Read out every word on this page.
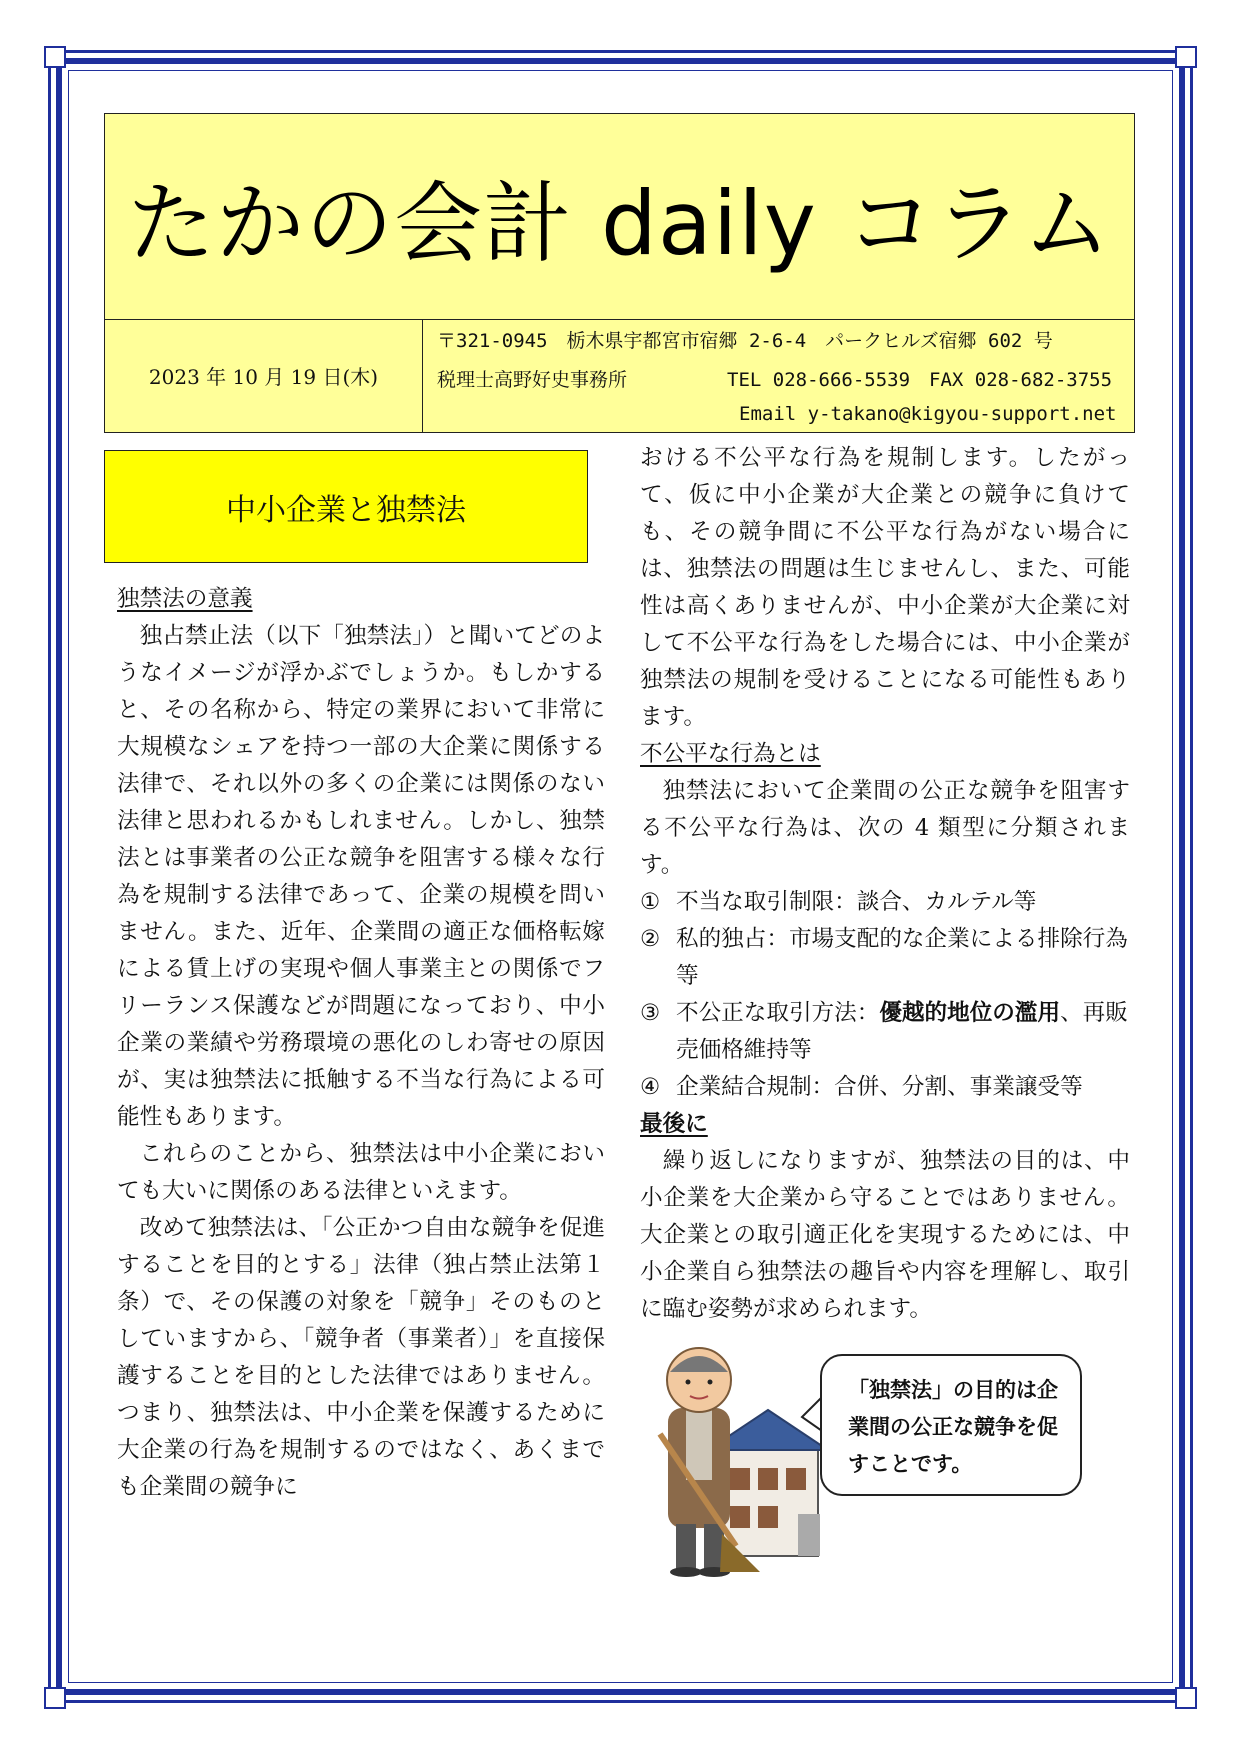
たかの会計 daily コラム
2023 年 10 月 19 日(木)
〒321-0945　栃木県宇都宮市宿郷 2-6-4　パークヒルズ宿郷 602 号
税理士高野好史事務所	TEL 028-666-5539　FAX 028-682-3755
Email y-takano@kigyou-support.net
中小企業と独禁法

独禁法の意義

独占禁止法（以下「独禁法」）と聞いてどのようなイメージが浮かぶでしょうか。もしかすると、その名称から、特定の業界において非常に大規模なシェアを持つ一部の大企業に関係する法律で、それ以外の多くの企業には関係のない法律と思われるかもしれません。しかし、独禁法とは事業者の公正な競争を阻害する様々な行為を規制する法律であって、企業の規模を問いません。また、近年、企業間の適正な価格転嫁による賃上げの実現や個人事業主との関係でフリーランス保護などが問題になっており、中小企業の業績や労務環境の悪化のしわ寄せの原因が、実は独禁法に抵触する不当な行為による可能性もあります。

これらのことから、独禁法は中小企業においても大いに関係のある法律といえます。

改めて独禁法は、「公正かつ自由な競争を促進することを目的とする」法律（独占禁止法第１条）で、その保護の対象を「競争」そのものとしていますから、「競争者（事業者）」を直接保護することを目的とした法律ではありません。つまり、独禁法は、中小企業を保護するために大企業の行為を規制するのではなく、あくまでも企業間の競争に

おける不公平な行為を規制します。したがって、仮に中小企業が大企業との競争に負けても、その競争間に不公平な行為がない場合には、独禁法の問題は生じませんし、また、可能性は高くありませんが、中小企業が大企業に対して不公平な行為をした場合には、中小企業が独禁法の規制を受けることになる可能性もあります。

不公平な行為とは

独禁法において企業間の公正な競争を阻害する不公平な行為は、次の 4 類型に分類されます。

① 不当な取引制限：談合、カルテル等
② 私的独占：市場支配的な企業による排除行為等
③ 不公正な取引方法：優越的地位の濫用、再販売価格維持等
④ 企業結合規制：合併、分割、事業譲受等

最後に

繰り返しになりますが、独禁法の目的は、中小企業を大企業から守ることではありません。大企業との取引適正化を実現するためには、中小企業自ら独禁法の趣旨や内容を理解し、取引に臨む姿勢が求められます。

「独禁法」の目的は企業間の公正な競争を促すことです。
